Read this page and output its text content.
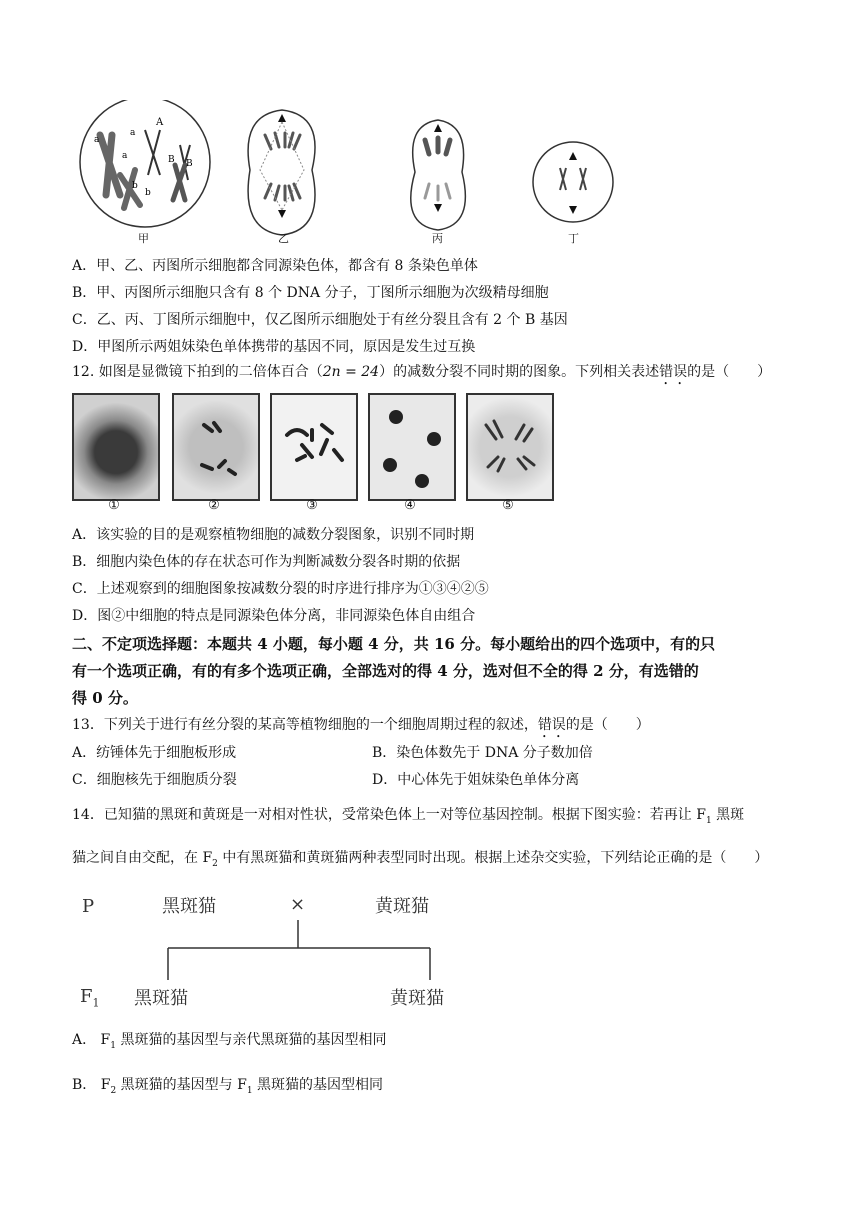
a
a
a
A
B B
b
b
甲	乙	丙	丁
A．甲、乙、丙图所示细胞都含同源染色体，都含有 8 条染色单体
B．甲、丙图所示细胞只含有 8 个 DNA 分子，丁图所示细胞为次级精母细胞
C．乙、丙、丁图所示细胞中，仅乙图所示细胞处于有丝分裂且含有 2 个 B 基因
D．甲图所示两姐妹染色单体携带的基因不同，原因是发生过互换
12. 如图是显微镜下拍到的二倍体百合（2n = 24）的减数分裂不同时期的图象。下列相关表述错误的是（　　）
①	②	③	④	⑤
A．该实验的目的是观察植物细胞的减数分裂图象，识别不同时期
B．细胞内染色体的存在状态可作为判断减数分裂各时期的依据
C．上述观察到的细胞图象按减数分裂的时序进行排序为①③④②⑤
D．图②中细胞的特点是同源染色体分离，非同源染色体自由组合
二、不定项选择题：本题共 4 小题，每小题 4 分，共 16 分。每小题给出的四个选项中，有的只
有一个选项正确，有的有多个选项正确，全部选对的得 4 分，选对但不全的得 2 分，有选错的
得 0 分。
13．下列关于进行有丝分裂的某高等植物细胞的一个细胞周期过程的叙述，错误的是（　　）
A．纺锤体先于细胞板形成	B．染色体数先于 DNA 分子数加倍
C．细胞核先于细胞质分裂	D．中心体先于姐妹染色单体分离
14．已知猫的黑斑和黄斑是一对相对性状，受常染色体上一对等位基因控制。根据下图实验：若再让 $F_1$ 黑斑
猫之间自由交配，在 $F_2$ 中有黑斑猫和黄斑猫两种表型同时出现。根据上述杂交实验，下列结论正确的是（　　）
P	黑斑猫	×	黄斑猫
$F_1$ 黑斑猫	黄斑猫
A． $F_1$ 黑斑猫的基因型与亲代黑斑猫的基因型相同
B． $F_2$ 黑斑猫的基因型与 $F_1$ 黑斑猫的基因型相同
